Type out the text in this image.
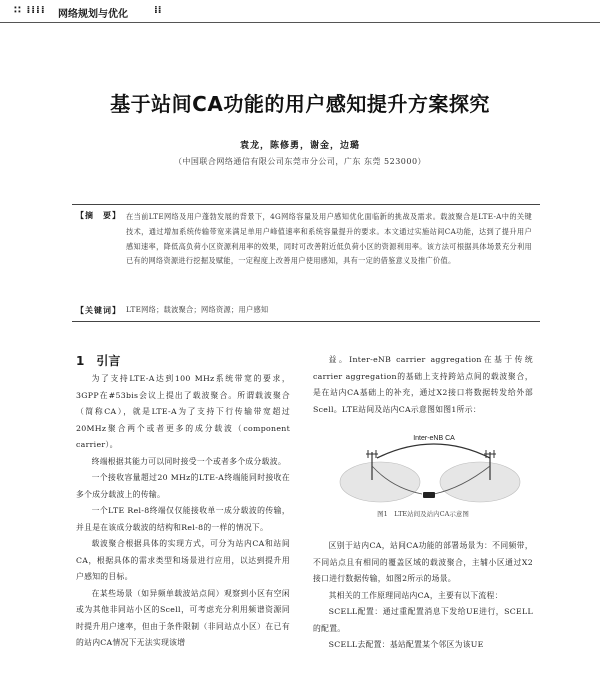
∷ ⁞⁞⁞⁞ 网络规划与优化	⁞⁞
基于站间CA功能的用户感知提升方案探究
袁龙，陈修勇，谢金，边璐
（中国联合网络通信有限公司东莞市分公司，广东 东莞 523000）
【摘　要】 在当前LTE网络及用户蓬勃发展的背景下，4G网络容量及用户感知优化面临新的挑战及需求。载波聚合是LTE-A中的关键技术，通过增加系统传输带宽来满足单用户峰值速率和系统容量提升的要求。本文通过实施站间CA功能，达到了提升用户感知速率，降低高负荷小区资源利用率的效果，同时可改善附近低负荷小区的资源利用率。该方法可根据具体场景充分利用已有的网络资源进行挖掘及赋能，一定程度上改善用户使用感知，具有一定的借鉴意义及推广价值。
【关键词】 LTE网络；载波聚合；网络资源；用户感知
1　引言

为了支持LTE-A达到100 MHz系统带宽的要求，3GPP在#53bis会议上提出了载波聚合。所谓载波聚合（简称CA），就是LTE-A为了支持下行传输带宽超过20MHz聚合两个或者更多的成分载波（component carrier）。

终端根据其能力可以同时接受一个或者多个成分载波。

一个接收容量超过20 MHz的LTE-A终端能同时接收在多个成分载波上的传输。

一个LTE Rel-8终端仅仅能接收单一成分载波的传输，并且是在该成分载波的结构和Rel-8的一样的情况下。

载波聚合根据具体的实现方式，可分为站内CA和站间CA，根据具体的需求类型和场景进行应用，以达到提升用户感知的目标。

在某些场景（如异频单载波站点间）观察到小区有空闲或为其他非同站小区的Scell，可考虑充分利用频谱资源同时提升用户速率，但由于条件限制（非同站点小区）在已有的站内CA情况下无法实现该增

益。Inter-eNB carrier aggregation在基于传统carrier aggregation的基础上支持跨站点间的载波聚合，是在站内CA基础上的补充，通过X2接口将数据转发给外部Scell。LTE站间及站内CA示意图如图1所示：

Inter-eNB CA
图1　LTE站间及站内CA示意图

区别于站内CA，站间CA功能的部署场景为：不同频带，不同站点且有相同的覆盖区域的载波聚合，主辅小区通过X2接口进行数据传输，如图2所示的场景。

其相关的工作原理同站内CA，主要有以下流程：

SCELL配置：通过重配置消息下发给UE进行，SCELL的配置。

SCELL去配置：基站配置某个邻区为该UE
